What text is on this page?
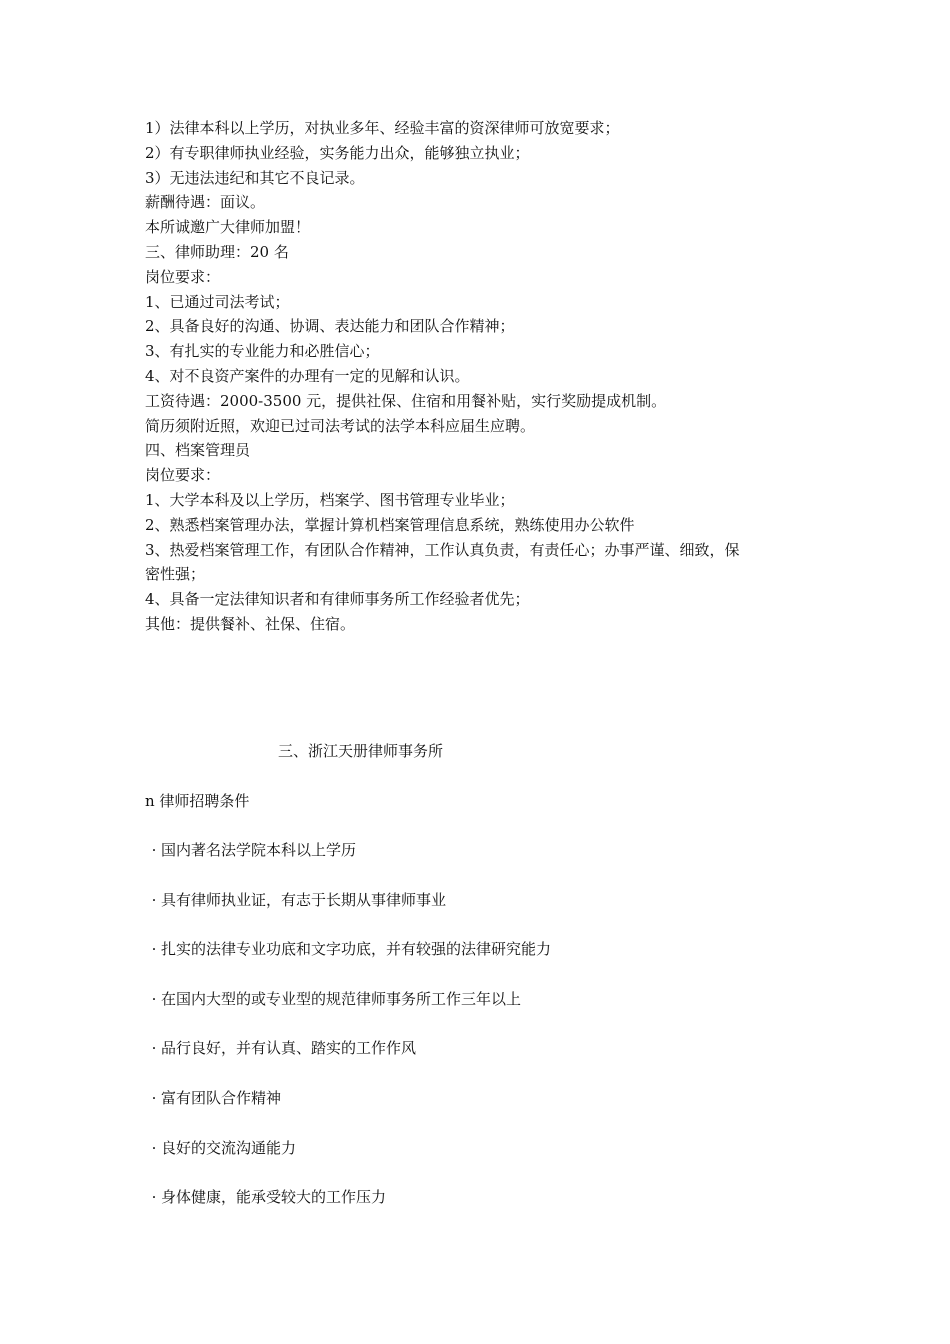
1）法律本科以上学历，对执业多年、经验丰富的资深律师可放宽要求；

2）有专职律师执业经验，实务能力出众，能够独立执业；

3）无违法违纪和其它不良记录。

薪酬待遇：面议。

本所诚邀广大律师加盟！

三、律师助理：20 名

岗位要求：

1、已通过司法考试；

2、具备良好的沟通、协调、表达能力和团队合作精神；

3、有扎实的专业能力和必胜信心；

4、对不良资产案件的办理有一定的见解和认识。

工资待遇：2000-3500 元，提供社保、住宿和用餐补贴，实行奖励提成机制。

简历须附近照，欢迎已过司法考试的法学本科应届生应聘。

四、档案管理员

岗位要求：

1、大学本科及以上学历，档案学、图书管理专业毕业；

2、熟悉档案管理办法，掌握计算机档案管理信息系统，熟练使用办公软件

3、热爱档案管理工作，有团队合作精神，工作认真负责，有责任心；办事严谨、细致，保

密性强；

4、具备一定法律知识者和有律师事务所工作经验者优先；

其他：提供餐补、社保、住宿。

三、浙江天册律师事务所
n 律师招聘条件

· 国内著名法学院本科以上学历

· 具有律师执业证，有志于长期从事律师事业

· 扎实的法律专业功底和文字功底，并有较强的法律研究能力

· 在国内大型的或专业型的规范律师事务所工作三年以上

· 品行良好，并有认真、踏实的工作作风

· 富有团队合作精神

· 良好的交流沟通能力

· 身体健康，能承受较大的工作压力
